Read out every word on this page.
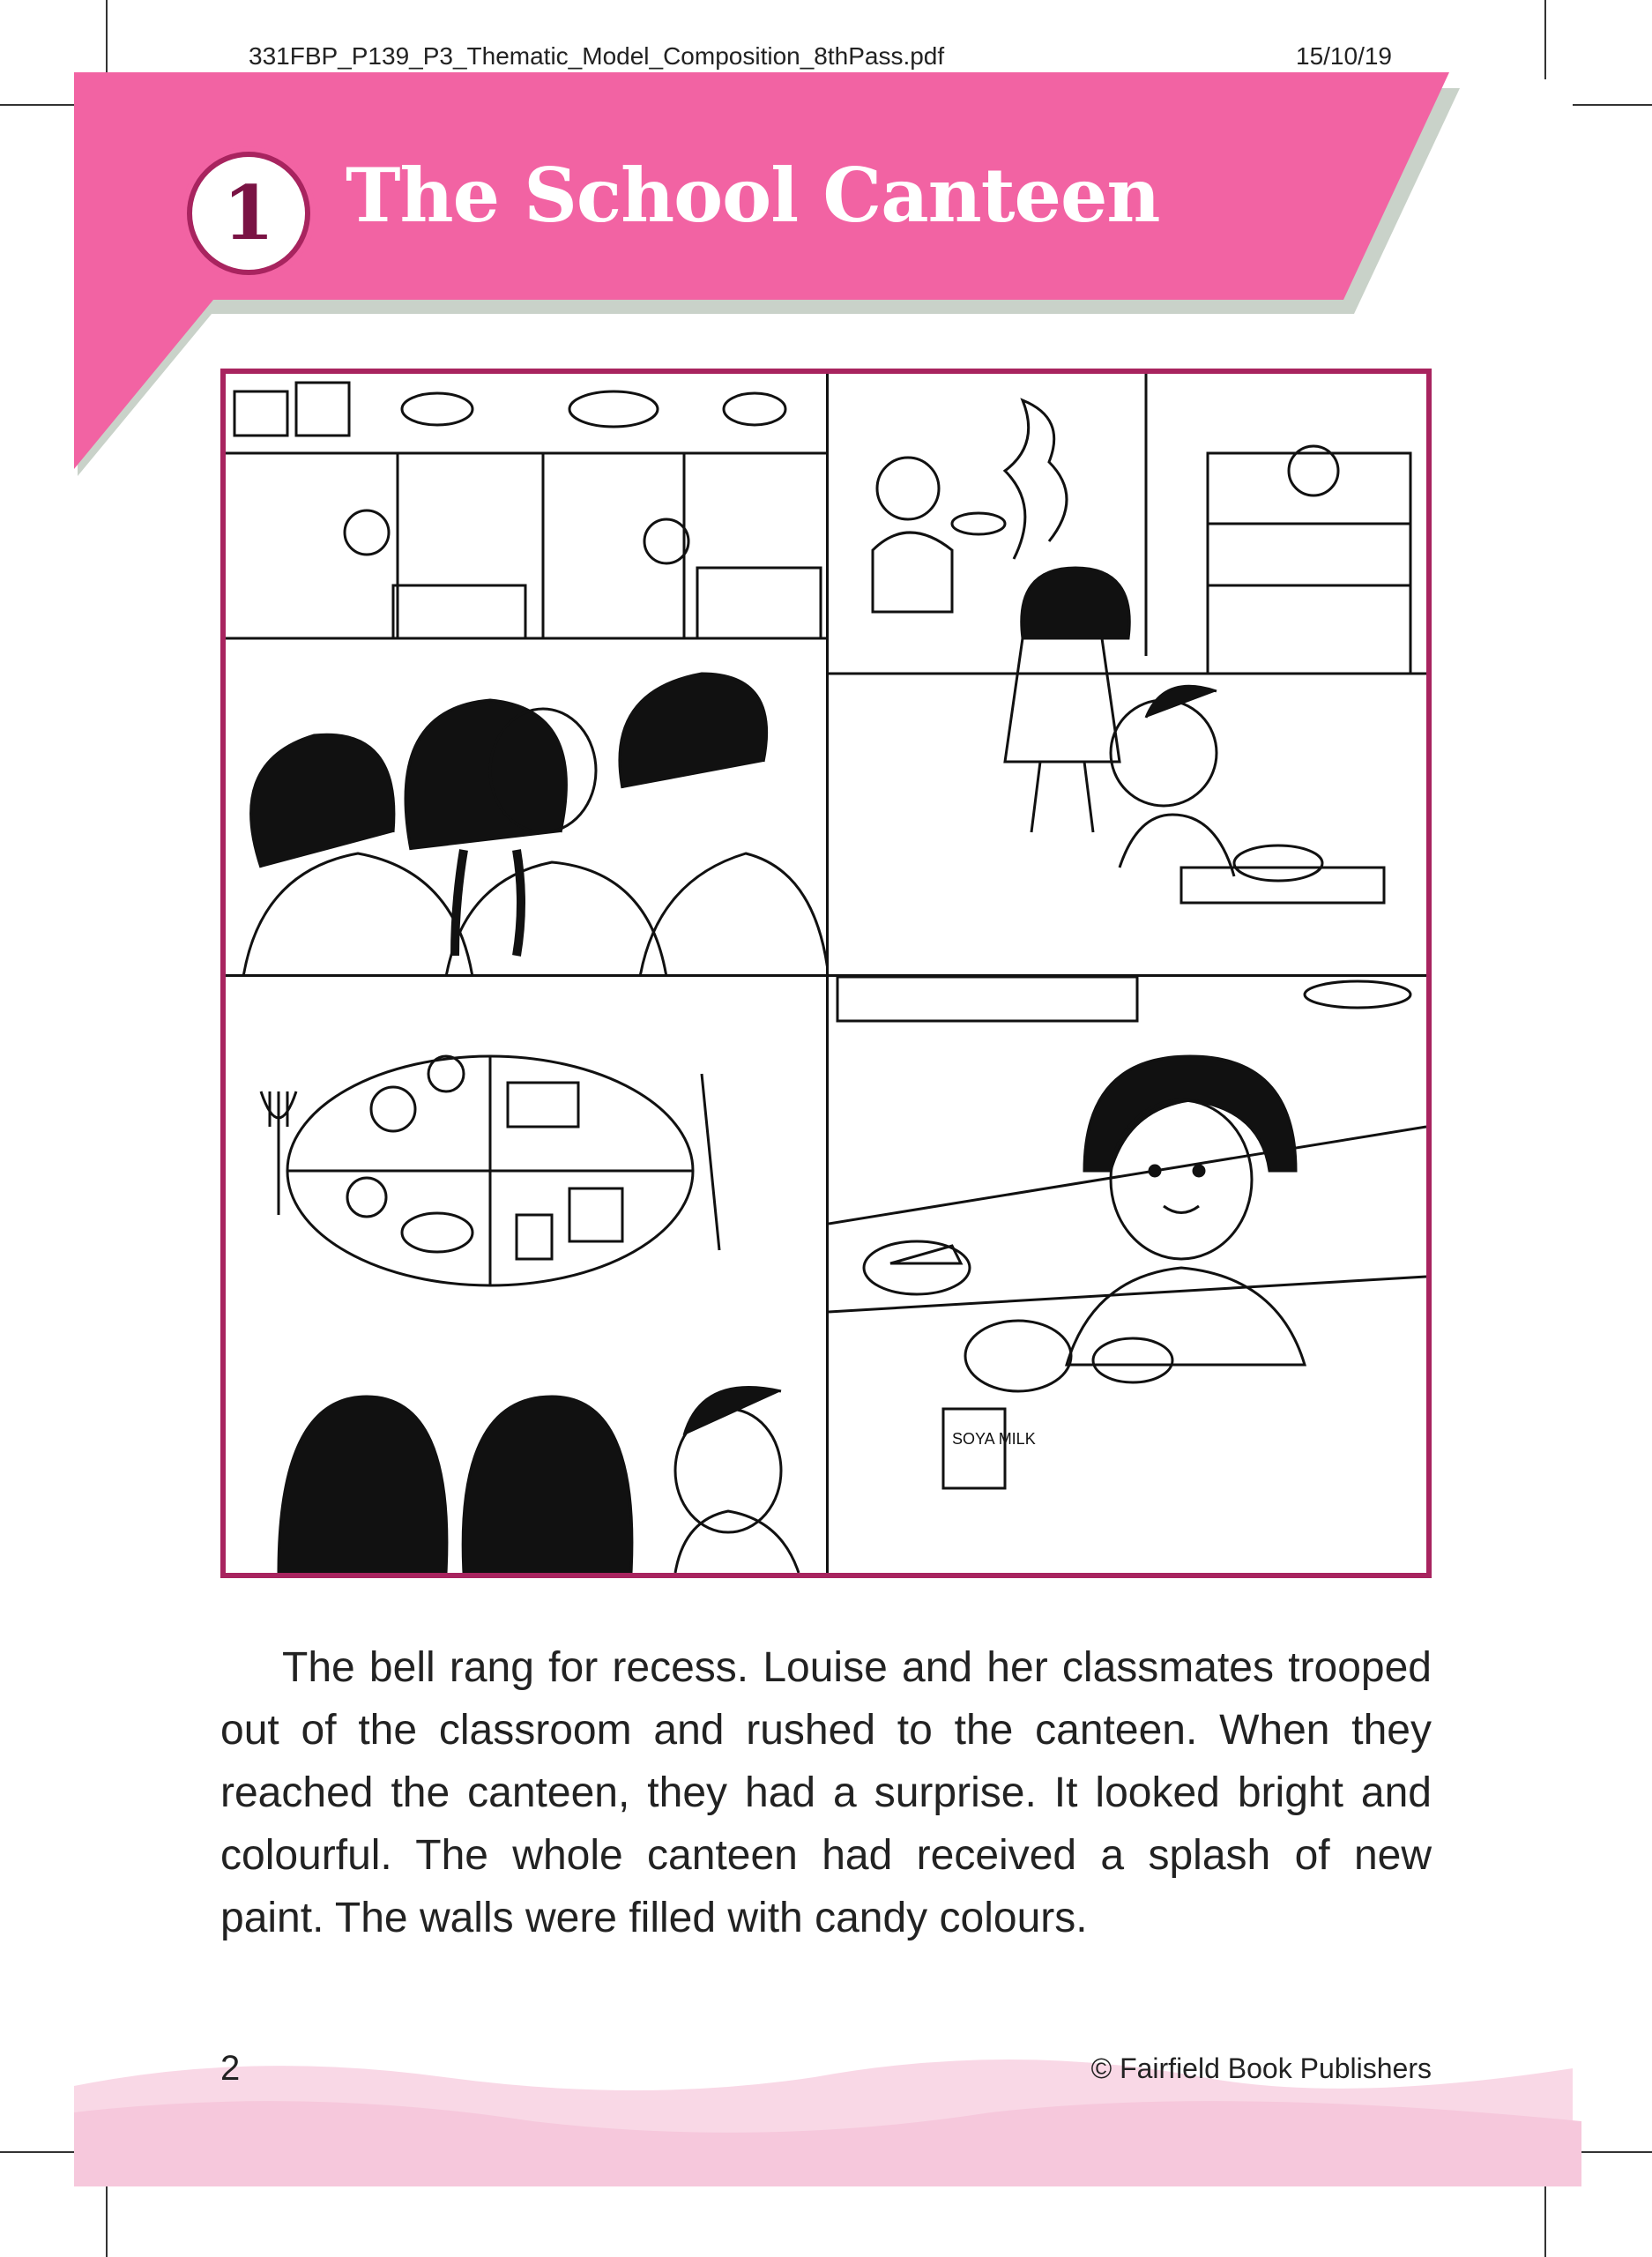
331FBP_P139_P3_Thematic_Model_Composition_8thPass.pdf	15/10/19
1 The School Canteen
SOYA MILK

The bell rang for recess. Louise and her classmates trooped out of the classroom and rushed to the canteen. When they reached the canteen, they had a surprise. It looked bright and colourful. The whole canteen had received a splash of new paint. The walls were filled with candy colours.

2	© Fairfield Book Publishers
